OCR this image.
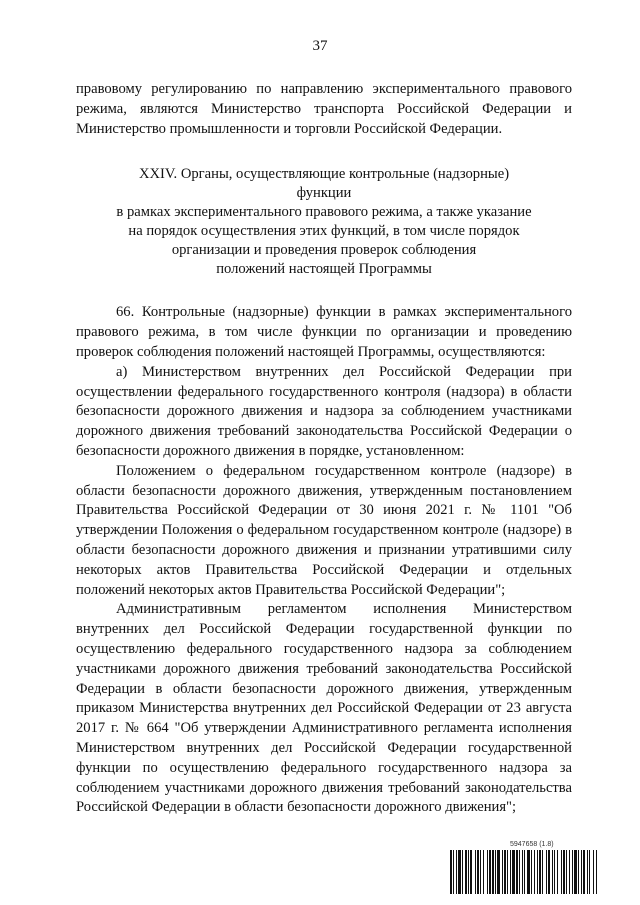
37

правовому регулированию по направлению экспериментального правового режима, являются Министерство транспорта Российской Федерации и Министерство промышленности и торговли Российской Федерации.

XXIV. Органы, осуществляющие контрольные (надзорные) функции
в рамках экспериментального правового режима, а также указание
на порядок осуществления этих функций, в том числе порядок
организации и проведения проверок соблюдения
положений настоящей Программы

66. Контрольные (надзорные) функции в рамках экспериментального правового режима, в том числе функции по организации и проведению проверок соблюдения положений настоящей Программы, осуществляются:

а) Министерством внутренних дел Российской Федерации при осуществлении федерального государственного контроля (надзора) в области безопасности дорожного движения и надзора за соблюдением участниками дорожного движения требований законодательства Российской Федерации о безопасности дорожного движения в порядке, установленном:

Положением о федеральном государственном контроле (надзоре) в области безопасности дорожного движения, утвержденным постановлением Правительства Российской Федерации от 30 июня 2021 г. № 1101 "Об утверждении Положения о федеральном государственном контроле (надзоре) в области безопасности дорожного движения и признании утратившими силу некоторых актов Правительства Российской Федерации и отдельных положений некоторых актов Правительства Российской Федерации";

Административным регламентом исполнения Министерством внутренних дел Российской Федерации государственной функции по осуществлению федерального государственного надзора за соблюдением участниками дорожного движения требований законодательства Российской Федерации в области безопасности дорожного движения, утвержденным приказом Министерства внутренних дел Российской Федерации от 23 августа 2017 г. № 664 "Об утверждении Административного регламента исполнения Министерством внутренних дел Российской Федерации государственной функции по осуществлению федерального государственного надзора за соблюдением участниками дорожного движения требований законодательства Российской Федерации в области безопасности дорожного движения";

5947658 (1.8)
